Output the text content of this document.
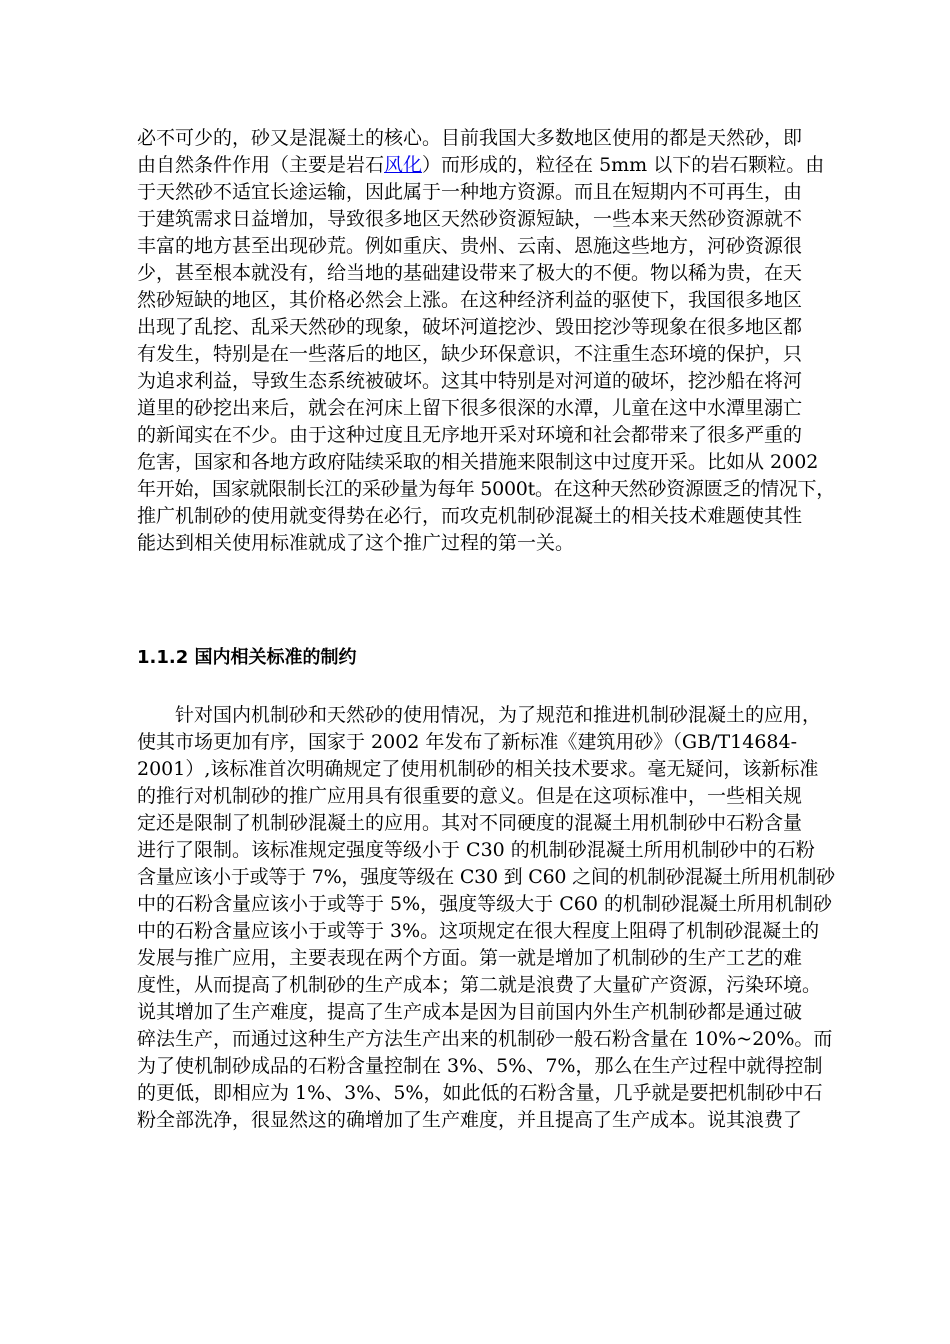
必不可少的，砂又是混凝土的核心。目前我国大多数地区使用的都是天然砂，即
由自然条件作用（主要是岩石风化）而形成的，粒径在 5mm 以下的岩石颗粒。由
于天然砂不适宜长途运输，因此属于一种地方资源。而且在短期内不可再生，由
于建筑需求日益增加，导致很多地区天然砂资源短缺，一些本来天然砂资源就不
丰富的地方甚至出现砂荒。例如重庆、贵州、云南、恩施这些地方，河砂资源很
少，甚至根本就没有，给当地的基础建设带来了极大的不便。物以稀为贵，在天
然砂短缺的地区，其价格必然会上涨。在这种经济利益的驱使下，我国很多地区
出现了乱挖、乱采天然砂的现象，破坏河道挖沙、毁田挖沙等现象在很多地区都
有发生，特别是在一些落后的地区，缺少环保意识，不注重生态环境的保护，只
为追求利益，导致生态系统被破坏。这其中特别是对河道的破坏，挖沙船在将河
道里的砂挖出来后，就会在河床上留下很多很深的水潭，儿童在这中水潭里溺亡
的新闻实在不少。由于这种过度且无序地开采对环境和社会都带来了很多严重的
危害，国家和各地方政府陆续采取的相关措施来限制这中过度开采。比如从 2002
年开始，国家就限制长江的采砂量为每年 5000t。在这种天然砂资源匮乏的情况下，
推广机制砂的使用就变得势在必行，而攻克机制砂混凝土的相关技术难题使其性
能达到相关使用标准就成了这个推广过程的第一关。
1.1.2 国内相关标准的制约
针对国内机制砂和天然砂的使用情况，为了规范和推进机制砂混凝土的应用，
使其市场更加有序，国家于 2002 年发布了新标准《建筑用砂》（GB/T14684-
2001）,该标准首次明确规定了使用机制砂的相关技术要求。毫无疑问，该新标准
的推行对机制砂的推广应用具有很重要的意义。但是在这项标准中，一些相关规
定还是限制了机制砂混凝土的应用。其对不同硬度的混凝土用机制砂中石粉含量
进行了限制。该标准规定强度等级小于 C30 的机制砂混凝土所用机制砂中的石粉
含量应该小于或等于 7%，强度等级在 C30 到 C60 之间的机制砂混凝土所用机制砂
中的石粉含量应该小于或等于 5%，强度等级大于 C60 的机制砂混凝土所用机制砂
中的石粉含量应该小于或等于 3%。这项规定在很大程度上阻碍了机制砂混凝土的
发展与推广应用，主要表现在两个方面。第一就是增加了机制砂的生产工艺的难
度性，从而提高了机制砂的生产成本；第二就是浪费了大量矿产资源，污染环境。
说其增加了生产难度，提高了生产成本是因为目前国内外生产机制砂都是通过破
碎法生产，而通过这种生产方法生产出来的机制砂一般石粉含量在 10%~20%。而
为了使机制砂成品的石粉含量控制在 3%、5%、7%，那么在生产过程中就得控制
的更低，即相应为 1%、3%、5%，如此低的石粉含量，几乎就是要把机制砂中石
粉全部洗净，很显然这的确增加了生产难度，并且提高了生产成本。说其浪费了
